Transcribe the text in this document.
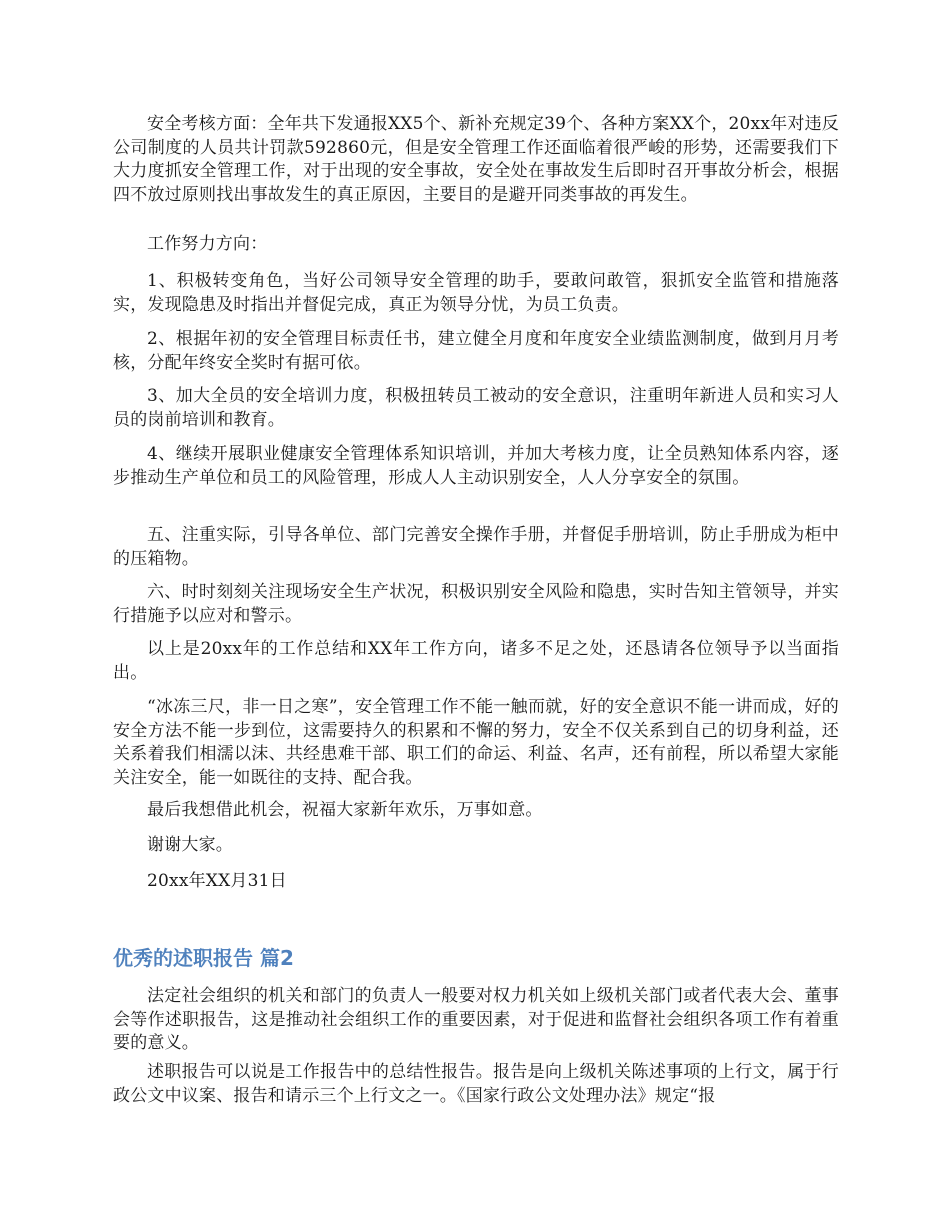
安全考核方面：全年共下发通报XX5个、新补充规定39个、各种方案XX个，20xx年对违反公司制度的人员共计罚款592860元，但是安全管理工作还面临着很严峻的形势，还需要我们下大力度抓安全管理工作，对于出现的安全事故，安全处在事故发生后即时召开事故分析会，根据四不放过原则找出事故发生的真正原因，主要目的是避开同类事故的再发生。

工作努力方向：

1、积极转变角色，当好公司领导安全管理的助手，要敢问敢管，狠抓安全监管和措施落实，发现隐患及时指出并督促完成，真正为领导分忧，为员工负责。

2、根据年初的安全管理目标责任书，建立健全月度和年度安全业绩监测制度，做到月月考核，分配年终安全奖时有据可依。

3、加大全员的安全培训力度，积极扭转员工被动的安全意识，注重明年新进人员和实习人员的岗前培训和教育。

4、继续开展职业健康安全管理体系知识培训，并加大考核力度，让全员熟知体系内容，逐步推动生产单位和员工的风险管理，形成人人主动识别安全，人人分享安全的氛围。

五、注重实际，引导各单位、部门完善安全操作手册，并督促手册培训，防止手册成为柜中的压箱物。

六、时时刻刻关注现场安全生产状况，积极识别安全风险和隐患，实时告知主管领导，并实行措施予以应对和警示。

以上是20xx年的工作总结和XX年工作方向，诸多不足之处，还恳请各位领导予以当面指出。

“冰冻三尺，非一日之寒”，安全管理工作不能一触而就，好的安全意识不能一讲而成，好的安全方法不能一步到位，这需要持久的积累和不懈的努力，安全不仅关系到自己的切身利益，还关系着我们相濡以沫、共经患难干部、职工们的命运、利益、名声，还有前程，所以希望大家能关注安全，能一如既往的支持、配合我。

最后我想借此机会，祝福大家新年欢乐，万事如意。

谢谢大家。

20xx年XX月31日

优秀的述职报告 篇2

法定社会组织的机关和部门的负责人一般要对权力机关如上级机关部门或者代表大会、董事会等作述职报告，这是推动社会组织工作的重要因素，对于促进和监督社会组织各项工作有着重要的意义。

述职报告可以说是工作报告中的总结性报告。报告是向上级机关陈述事项的上行文，属于行政公文中议案、报告和请示三个上行文之一。《国家行政公文处理办法》规定“报
